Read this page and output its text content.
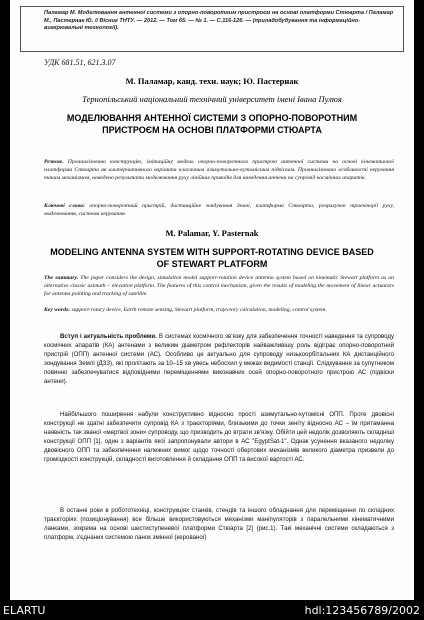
Паламар М. Моделювання антенної системи з опорно-поворотним пристроєм на основі платформи Стюарта / Паламар М., Пастернак Ю. // Вісник ТНТУ. — 2012. — Том 65. — № 1. — С.116-126. — (приладобудування та інформаційно-вимірювальні технології).
УДК 681.51, 621.3.07
М. Паламар, канд. техн. наук; Ю. Пастернак
Тернопільський національний технічний університет імені Івана Пулюя
МОДЕЛЮВАННЯ АНТЕННОЇ СИСТЕМИ З ОПОРНО-ПОВОРОТНИМ ПРИСТРОЄМ НА ОСНОВІ ПЛАТФОРМИ СТЮАРТА
Резюме. Проаналізовано конструкцію, імітаційну модель опорно-поворотного пристрою антенної системи на основі кінематичної платформи Стюарта як альтернативного варіанта класичним азимутально-кутомісним підвіскам. Проаналізовано особливості керування таким механізмом, наведено результати моделювання руху лінійних приводів для наведення антени на супровід космічних апаратів.
Ключові слова: опорно-поворотний пристрій, дистанційне зондування Землі, платформа Стюарта, розрахунок траєкторії руху, моделювання, система керування.
M. Palamar, Y. Pasternak
MODELING ANTENNA SYSTEM WITH SUPPORT-ROTATING DEVICE BASED OF STEWART PLATFORM
The summary. The paper considers the design, simulation model support-rotation device antenna system based on kinematic Stewart platform as an alternative classic azimuth – elevation platform. The features of this control mechanism, given the results of modeling the movement of linear actuators for antenna pointing and tracking of satellite.
Key words: support-rotary device, Earth remote sensing, Stewart platform, trajectory calculation, modeling, control system.

Вступ і актуальність проблеми. В системах космічного зв'язку для забезпечення точності наведення та супроводу космічних апаратів (КА) антенами з великим діаметром рефлекторів найважливішу роль відіграє опорно-поворотний пристрій (ОПП) антенної системи (АС). Особливо це актуально для супроводу низькоорбітальних КА дистанційного зондування Землі (ДЗЗ), які пролітають за 10–15 хв увесь небосхил у межах видимості станції. Слідкування за супутником повинно забезпечуватися відповідними переміщеннями виконавчих осей опорно-поворотного пристрою АС (підвіски антени).

Найбільшого поширення набули конструктивно відносно прості азимутально-кутомісні ОПП. Проте двовісні конструкції не здатні забезпечити супровід КА з траєкторіями, близькими до точки зеніту відносно АС – їм притаманна наявність так званої «мертвої зони» супроводу, що призводить до втрати зв'язку. Обійти цей недолік дозволяють складніші конструкції ОПП [1], один з варіантів якої запропонували автори в АС "EgyptSat-1". Однак усунення вказаного недоліку двовісного ОПП та забезпечення належних вимог щодо точності обертових механізмів великого діаметра призвели до громіздкості конструкцій, складності виготовлення й складання ОПП та високої вартості АС.

В останні роки в робототехніці, конструкціях станків, стендів та іншого обладнання для переміщення по складних траєкторіях (позиціонування) все більше використовуються механізми маніпуляторів з паралельними кінематичними ланками, зокрема на основі шестиступеневої платформи Стюарта [2] (рис.1). Такі механічні системи складаються з платформ, з'єднаних системою ланок змінної (керованої)

ELARTU	hdl:123456789/2002
